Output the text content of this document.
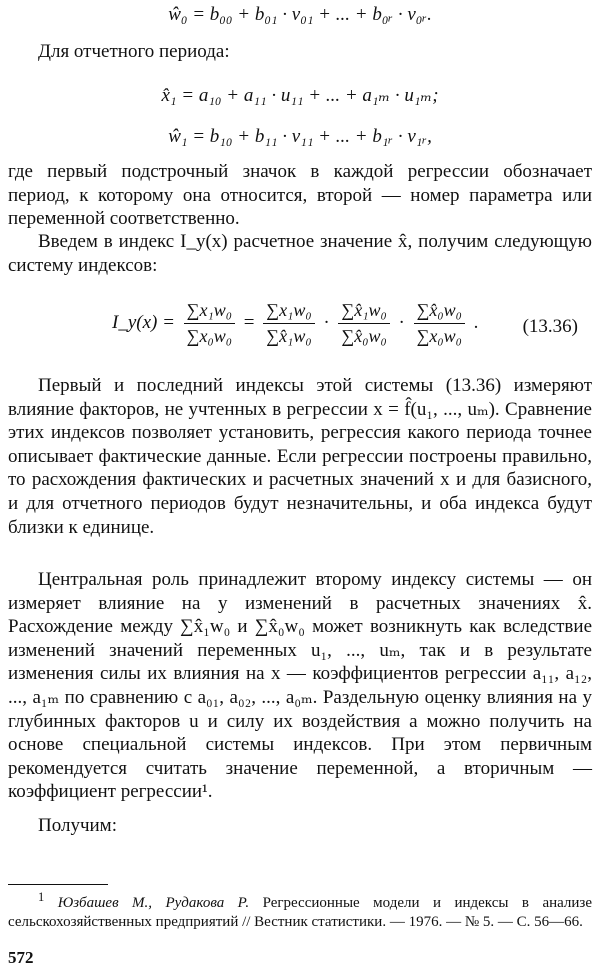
ŵ₀ = b₀₀ + b₀₁ · v₀₁ + ... + b₀ᵣ · v₀ᵣ.
Для отчетного периода:
x̂₁ = a₁₀ + a₁₁ · u₁₁ + ... + a₁ₘ · u₁ₘ;
ŵ₁ = b₁₀ + b₁₁ · v₁₁ + ... + b₁ᵣ · v₁ᵣ,
где первый подстрочный значок в каждой регрессии обозначает период, к которому она относится, второй — номер параметра или переменной соответственно.
Введем в индекс I_y(x) расчетное значение x̂, получим следующую систему индексов:
I_y(x) = $\frac{\text{∑x₁w₀}}{\text{∑x₀w₀}} = \frac{\text{∑x₁w₀}}{\text{∑x̂₁w₀}} \cdot \frac{\text{∑x̂₁w₀}}{\text{∑x̂₀w₀}} \cdot \frac{\text{∑x̂₀w₀}}{\text{∑x₀w₀}}$ .	(13.36)
Первый и последний индексы этой системы (13.36) измеряют влияние факторов, не учтенных в регрессии x = f̂(u₁, ..., uₘ). Сравнение этих индексов позволяет установить, регрессия какого периода точнее описывает фактические данные. Если регрессии построены правильно, то расхождения фактических и расчетных значений x и для базисного, и для отчетного периодов будут незначительны, и оба индекса будут близки к единице.
Центральная роль принадлежит второму индексу системы — он измеряет влияние на y изменений в расчетных значениях x̂. Расхождение между ∑x̂₁w₀ и ∑x̂₀w₀ может возникнуть как вследствие изменений значений переменных u₁, ..., uₘ, так и в результате изменения силы их влияния на x — коэффициентов регрессии a₁₁, a₁₂, ..., a₁ₘ по сравнению с a₀₁, a₀₂, ..., a₀ₘ. Раздельную оценку влияния на y глубинных факторов u и силу их воздействия a можно получить на основе специальной системы индексов. При этом первичным рекомендуется считать значение переменной, а вторичным — коэффициент регрессии¹.
Получим:
$^1$ Юзбашев М., Рудакова Р. Регрессионные модели и индексы в анализе сельскохозяйственных предприятий // Вестник статистики. — 1976. — № 5. — С. 56—66.
572
